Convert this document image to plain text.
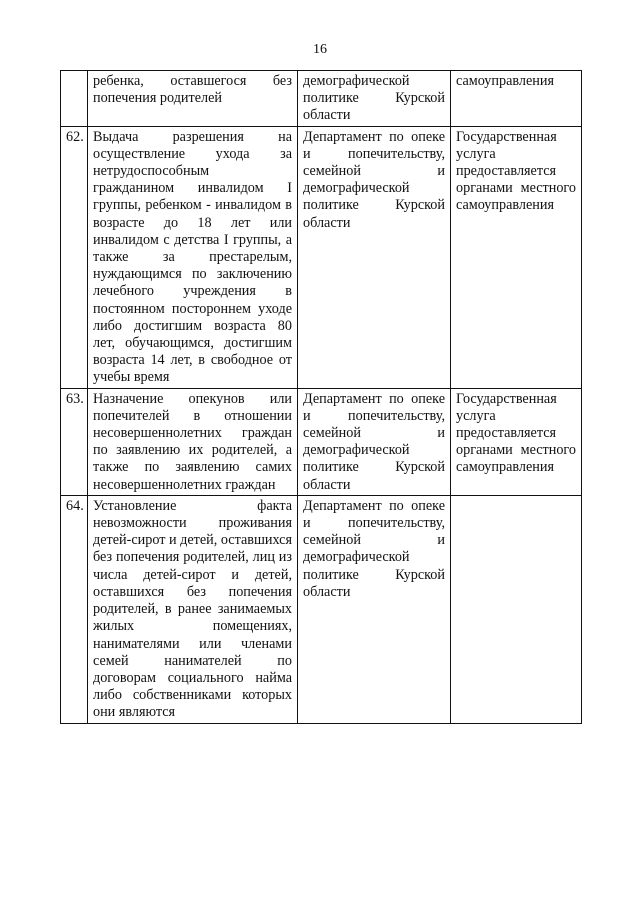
16
	ребенка, оставшегося без попечения родителей	демографической политике Курской области	самоуправления
62.	Выдача разрешения на осуществление ухода за нетрудоспособным гражданином инвалидом I группы, ребенком - инвалидом в возрасте до 18 лет или инвалидом с детства I группы, а также за престарелым, нуждающимся по заключению лечебного учреждения в постоянном постороннем уходе либо достигшим возраста 80 лет, обучающимся, достигшим возраста 14 лет, в свободное от учебы время	Департамент по опеке и попечительству, семейной и демографической политике Курской области	Государственная услуга предоставляется органами местного самоуправления
63.	Назначение опекунов или попечителей в отношении несовершеннолетних граждан по заявлению их родителей, а также по заявлению самих несовершеннолетних граждан	Департамент по опеке и попечительству, семейной и демографической политике Курской области	Государственная услуга предоставляется органами местного самоуправления
64.	Установление факта невозможности проживания детей-сирот и детей, оставшихся без попечения родителей, лиц из числа детей-сирот и детей, оставшихся без попечения родителей, в ранее занимаемых жилых помещениях, нанимателями или членами семей нанимателей по договорам социального найма либо собственниками которых они являются	Департамент по опеке и попечительству, семейной и демографической политике Курской области	
